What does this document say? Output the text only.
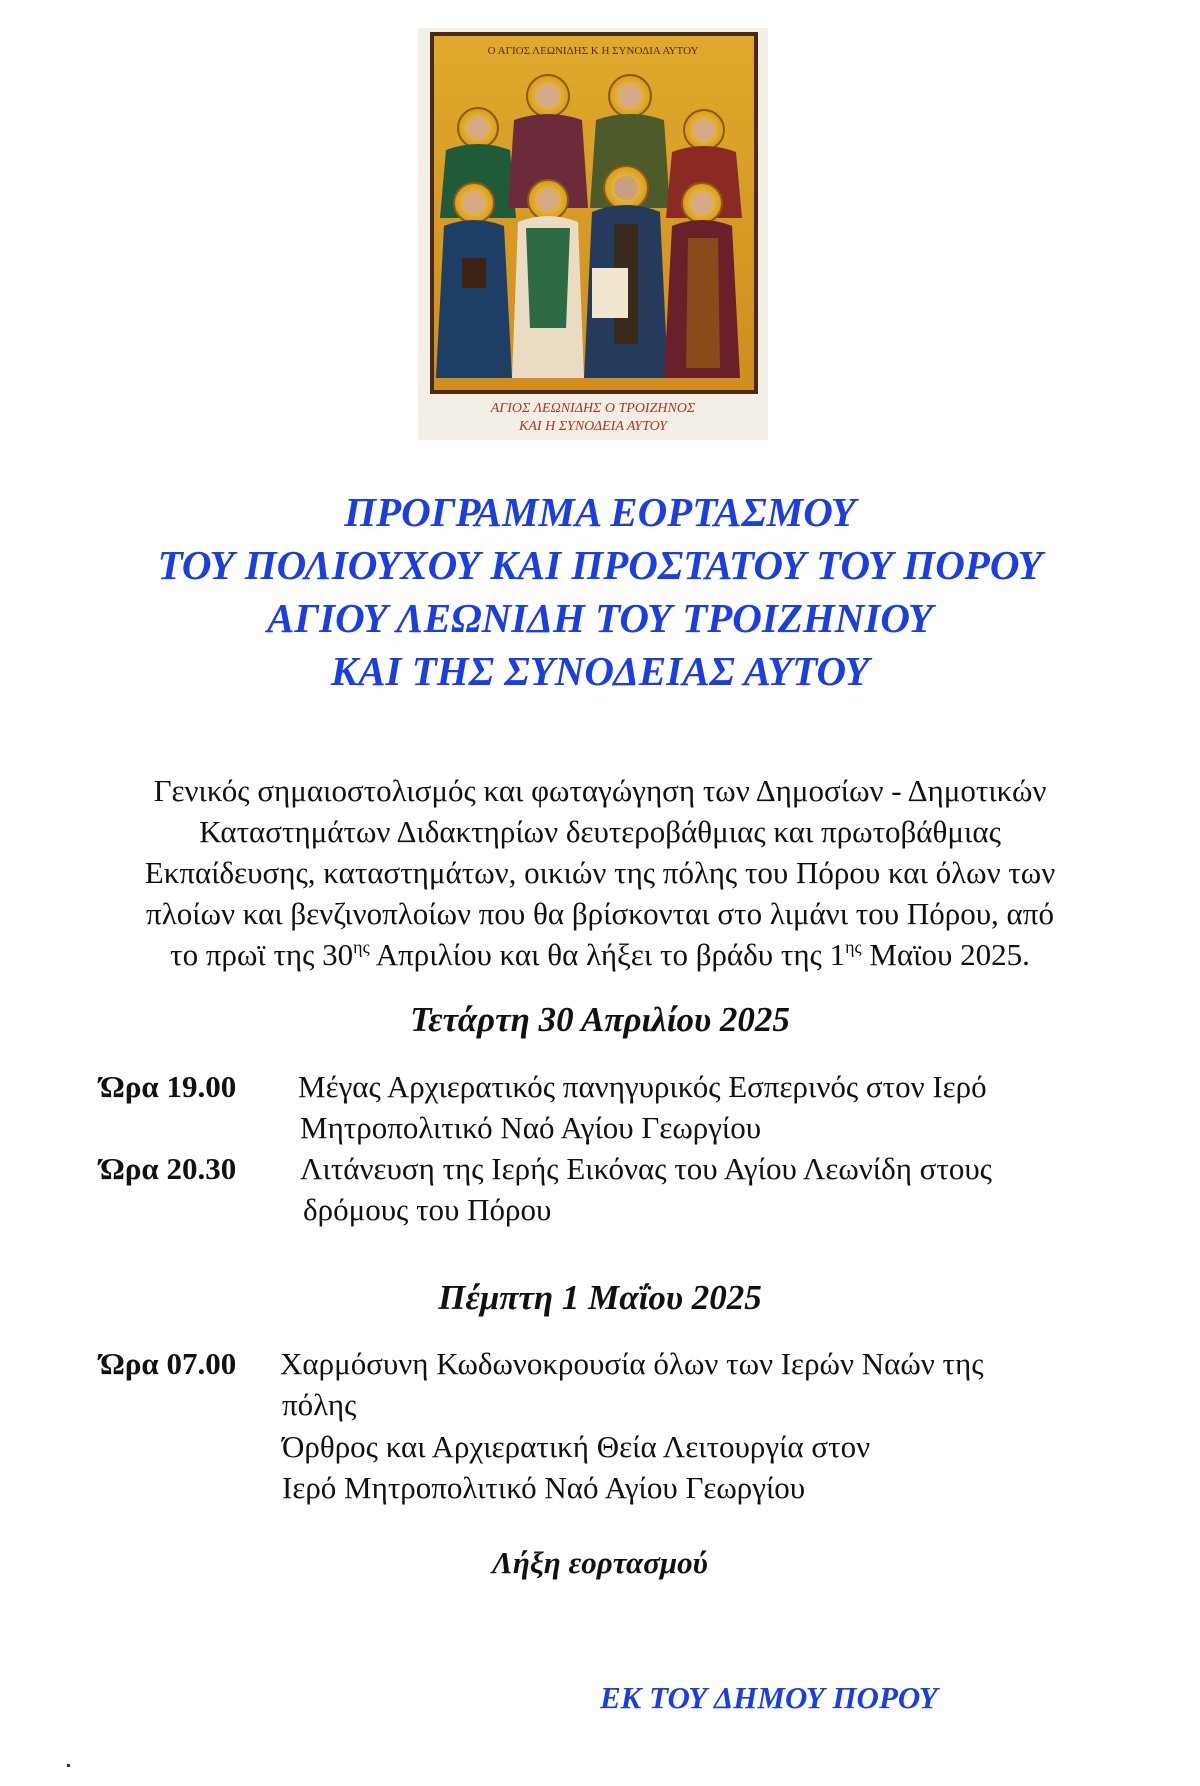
Ο ΑΓΙΟΣ ΛΕΩΝΙΔΗΣ Κ Η ΣΥΝΟΔΙΑ ΑΥΤΟΥ
ΑΓΙΟΣ ΛΕΩΝΙΔΗΣ Ο ΤΡΟΙΖΗΝΟΣ
ΚΑΙ Η ΣΥΝΟΔΕΙΑ ΑΥΤΟΥ
ΠΡΟΓΡΑΜΜΑ ΕΟΡΤΑΣΜΟΥ
ΤΟΥ ΠΟΛΙΟΥΧΟΥ ΚΑΙ ΠΡΟΣΤΑΤΟΥ ΤΟΥ ΠΟΡΟΥ
ΑΓΙΟΥ ΛΕΩΝΙΔΗ ΤΟΥ ΤΡΟΙΖΗΝΙΟΥ
ΚΑΙ ΤΗΣ ΣΥΝΟΔΕΙΑΣ ΑΥΤΟΥ
Γενικός σημαιοστολισμός και φωταγώγηση των Δημοσίων - Δημοτικών
Καταστημάτων Διδακτηρίων δευτεροβάθμιας και πρωτοβάθμιας
Εκπαίδευσης, καταστημάτων, οικιών της πόλης του Πόρου και όλων των
πλοίων και βενζινοπλοίων που θα βρίσκονται στο λιμάνι του Πόρου, από
το πρωϊ της $30^{\eta\varsigma}$ Απριλίου και θα λήξει το βράδυ της $1^{\eta\varsigma}$ Μαϊου 2025.
Τετάρτη 30 Απριλίου 2025
Ώρα 19.00 Μέγας Αρχιερατικός πανηγυρικός Εσπερινός στον Ιερό
Μητροπολιτικό Ναό Αγίου Γεωργίου
Ώρα 20.30 Λιτάνευση της Ιερής Εικόνας του Αγίου Λεωνίδη στους
δρόμους του Πόρου
Πέμπτη 1 Μαΐου 2025
Ώρα 07.00 Χαρμόσυνη Κωδωνοκρουσία όλων των Ιερών Ναών της
πόλης
Όρθρος και Αρχιερατική Θεία Λειτουργία στον
Ιερό Μητροπολιτικό Ναό Αγίου Γεωργίου
Λήξη εορτασμού
ΕΚ ΤΟΥ ΔΗΜΟΥ ΠΟΡΟΥ
